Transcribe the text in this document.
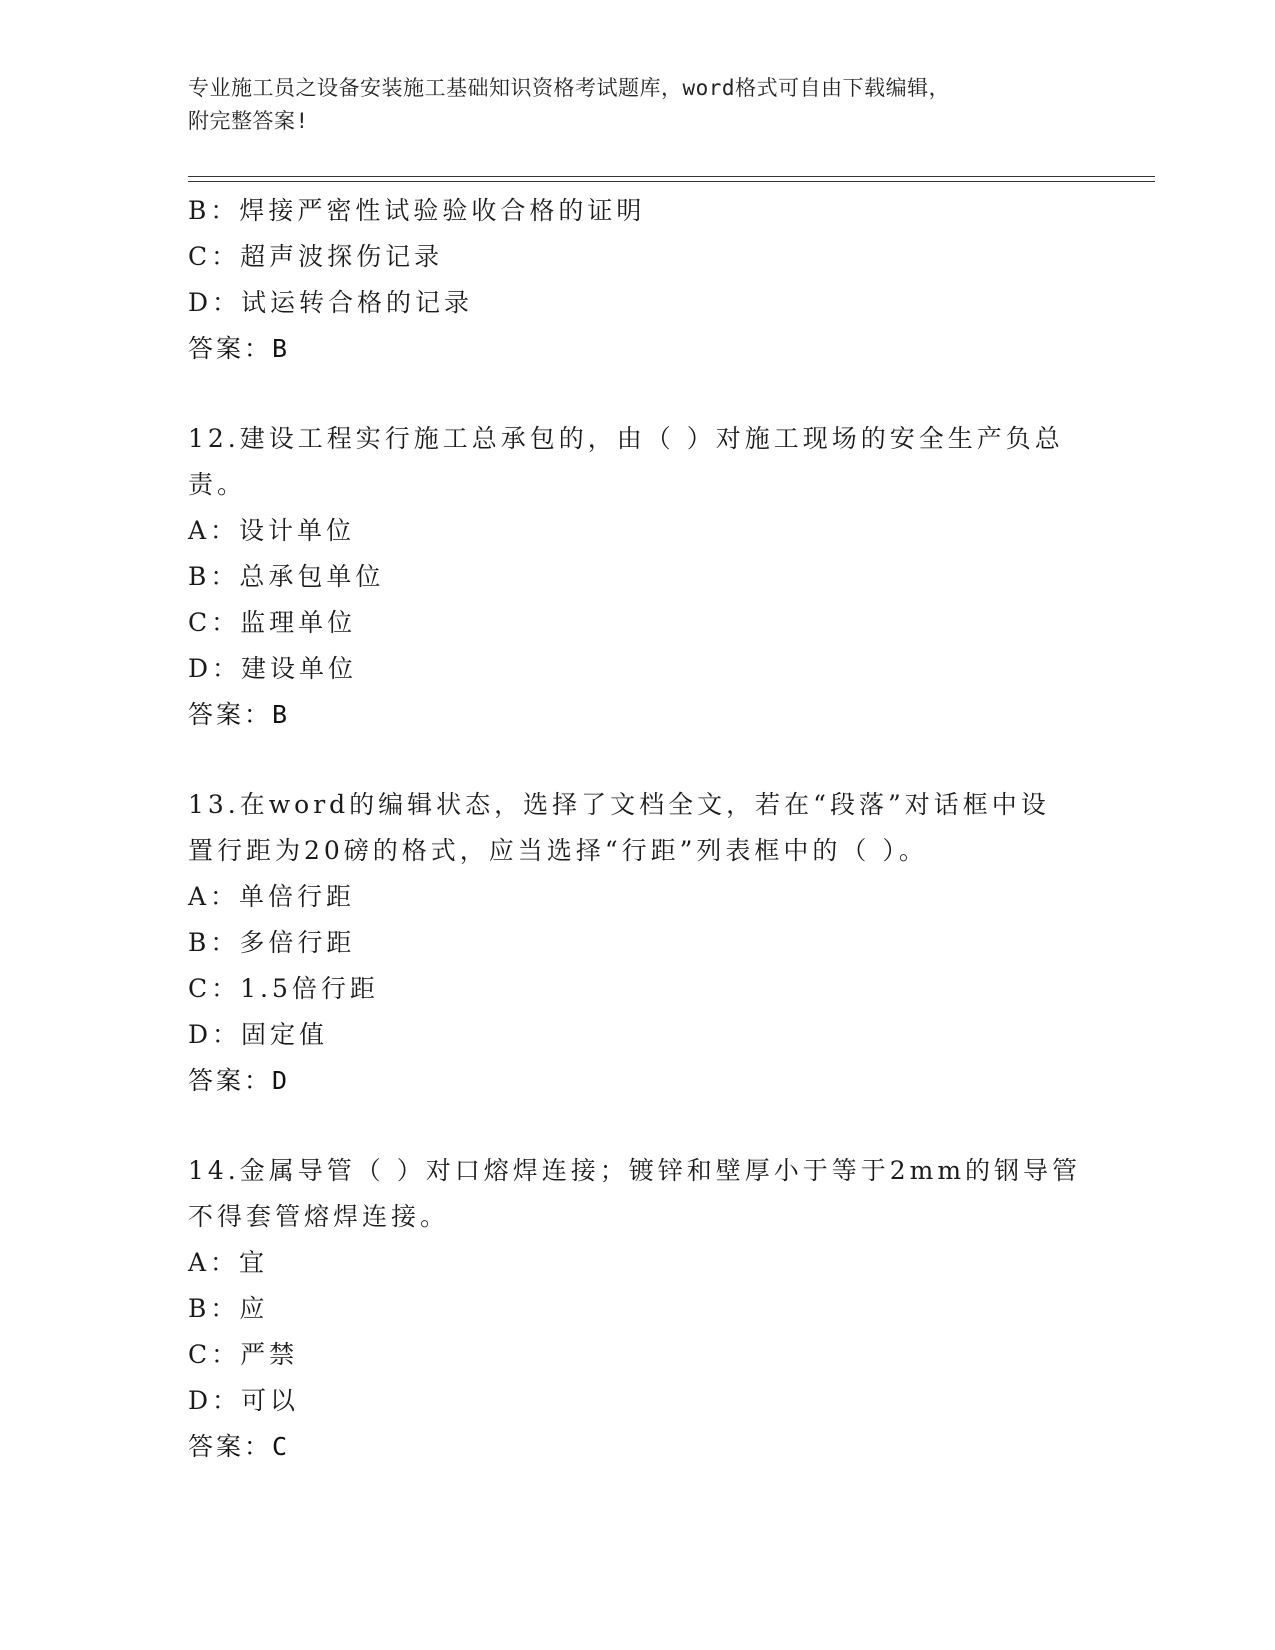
专业施工员之设备安装施工基础知识资格考试题库，word格式可自由下载编辑，
附完整答案!
B：焊接严密性试验验收合格的证明
C：超声波探伤记录
D：试运转合格的记录
答案：B
12.建设工程实行施工总承包的，由（ ）对施工现场的安全生产负总
责。
A：设计单位
B：总承包单位
C：监理单位
D：建设单位
答案：B
13.在word的编辑状态，选择了文档全文，若在“段落”对话框中设
置行距为20磅的格式，应当选择“行距”列表框中的（ ）。
A：单倍行距
B：多倍行距
C：1.5倍行距
D：固定值
答案：D
14.金属导管（ ）对口熔焊连接；镀锌和壁厚小于等于2mm的钢导管
不得套管熔焊连接。
A：宜
B：应
C：严禁
D：可以
答案：C
